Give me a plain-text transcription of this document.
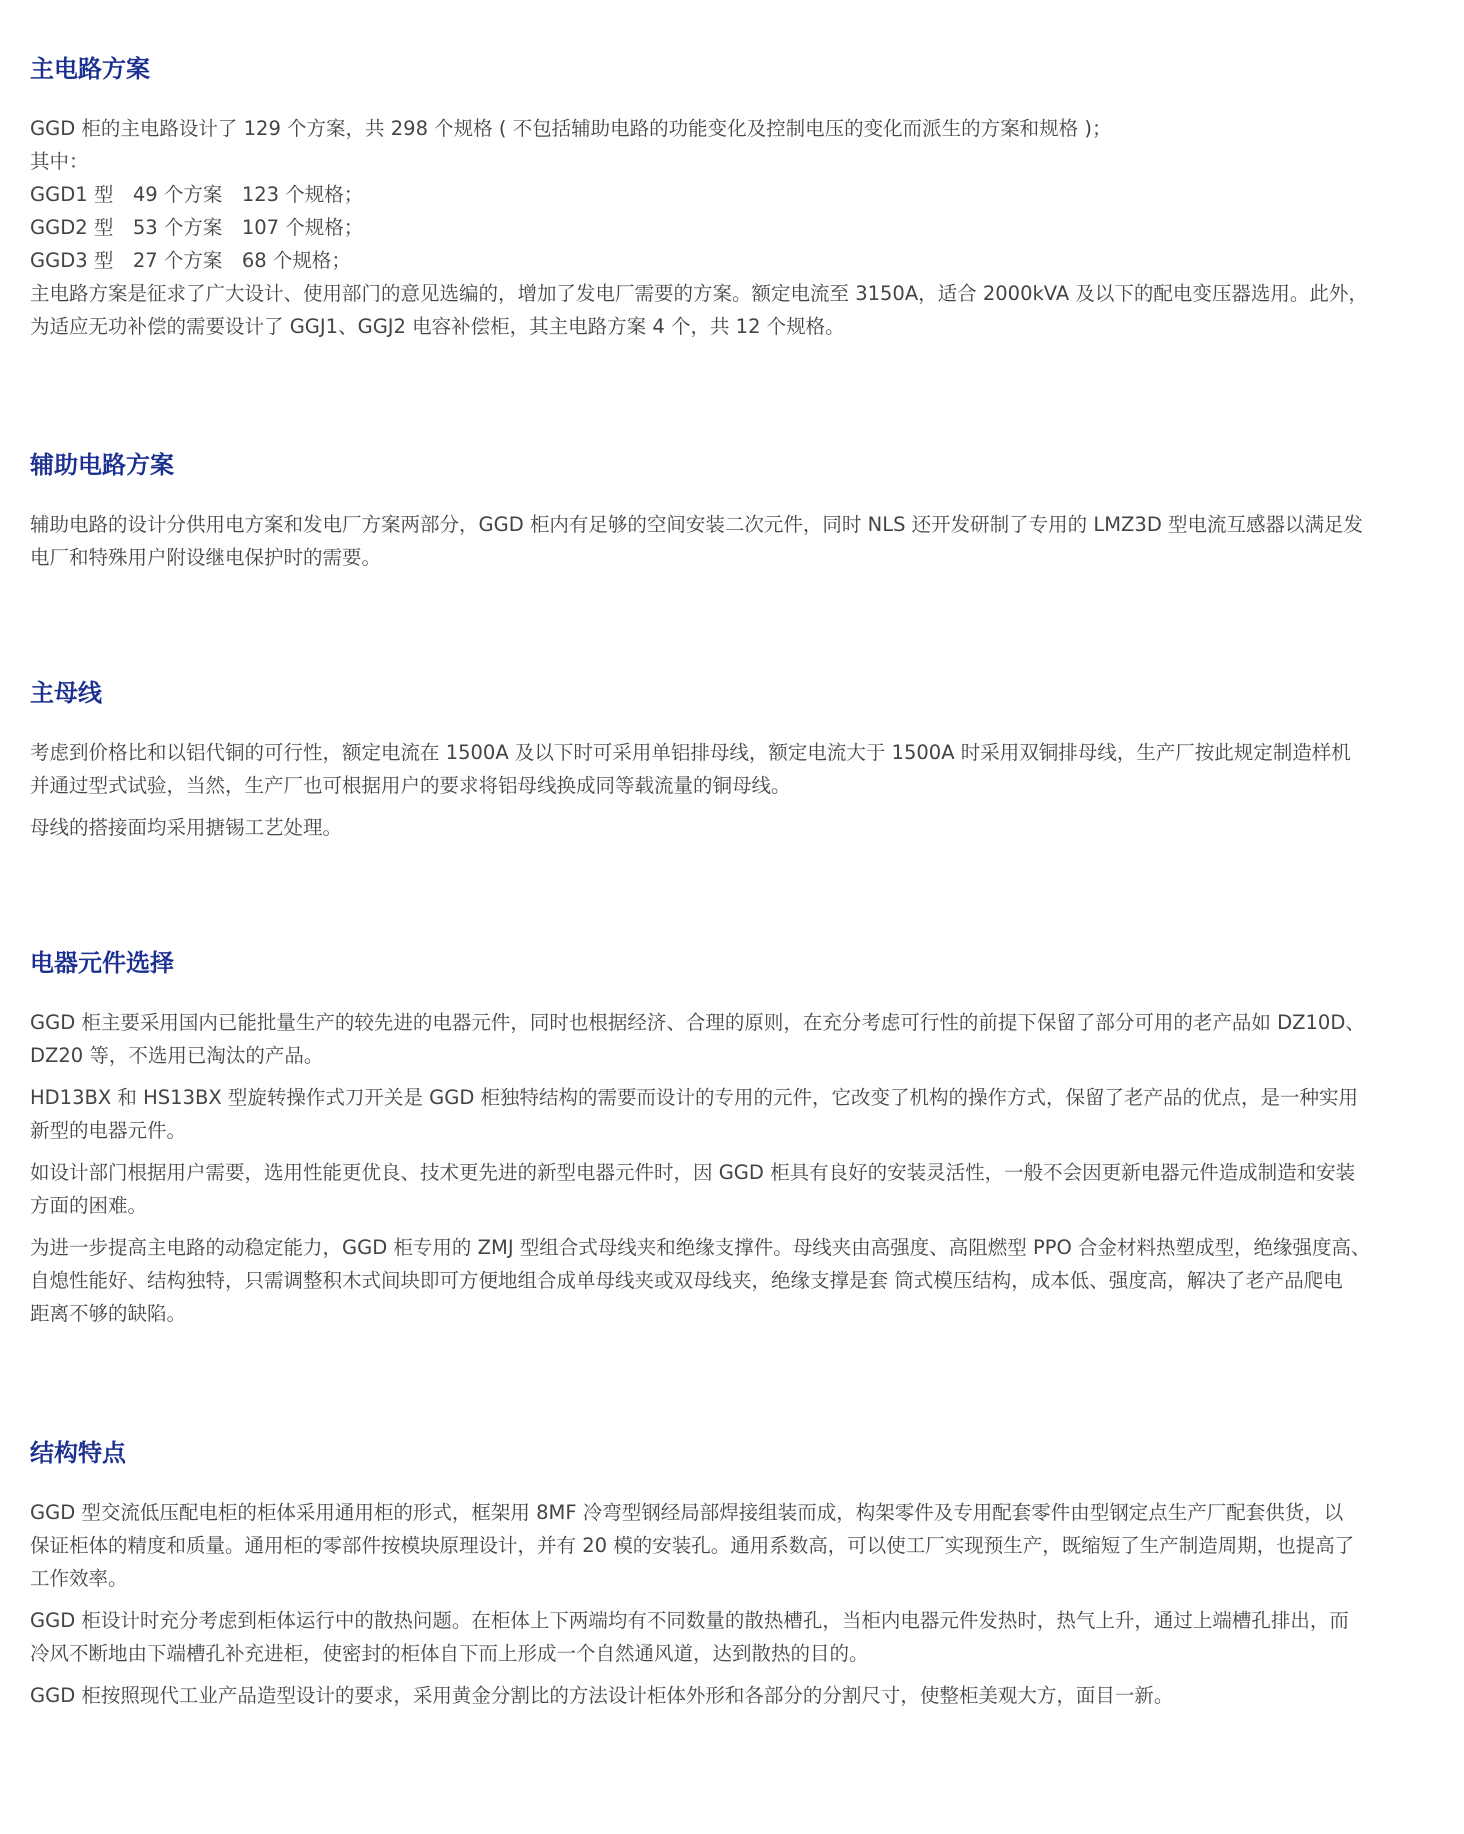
主电路方案
GGD 柜的主电路设计了 129 个方案，共 298 个规格 ( 不包括辅助电路的功能变化及控制电压的变化而派生的方案和规格 )；
其中：
GGD1 型　49 个方案　123 个规格；
GGD2 型　53 个方案　107 个规格；
GGD3 型　27 个方案　68 个规格；
主电路方案是征求了广大设计、使用部门的意见选编的，增加了发电厂需要的方案。额定电流至 3150A，适合 2000kVA 及以下的配电变压器选用。此外，
为适应无功补偿的需要设计了 GGJ1、GGJ2 电容补偿柜，其主电路方案 4 个，共 12 个规格。
辅助电路方案

辅助电路的设计分供用电方案和发电厂方案两部分，GGD 柜内有足够的空间安装二次元件，同时 NLS 还开发研制了专用的 LMZ3D 型电流互感器以满足发
电厂和特殊用户附设继电保护时的需要。

主母线

考虑到价格比和以铝代铜的可行性，额定电流在 1500A 及以下时可采用单铝排母线，额定电流大于 1500A 时采用双铜排母线，生产厂按此规定制造样机
并通过型式试验，当然，生产厂也可根据用户的要求将铝母线换成同等载流量的铜母线。

母线的搭接面均采用搪锡工艺处理。

电器元件选择

GGD 柜主要采用国内已能批量生产的较先进的电器元件，同时也根据经济、合理的原则，在充分考虑可行性的前提下保留了部分可用的老产品如 DZ10D、
DZ20 等，不选用已淘汰的产品。

HD13BX 和 HS13BX 型旋转操作式刀开关是 GGD 柜独特结构的需要而设计的专用的元件，它改变了机构的操作方式，保留了老产品的优点，是一种实用
新型的电器元件。

如设计部门根据用户需要，选用性能更优良、技术更先进的新型电器元件时，因 GGD 柜具有良好的安装灵活性，一般不会因更新电器元件造成制造和安装
方面的困难。

为进一步提高主电路的动稳定能力，GGD 柜专用的 ZMJ 型组合式母线夹和绝缘支撑件。母线夹由高强度、高阻燃型 PPO 合金材料热塑成型，绝缘强度高、
自熄性能好、结构独特，只需调整积木式间块即可方便地组合成单母线夹或双母线夹，绝缘支撑是套 筒式模压结构，成本低、强度高，解决了老产品爬电
距离不够的缺陷。

结构特点

GGD 型交流低压配电柜的柜体采用通用柜的形式，框架用 8MF 冷弯型钢经局部焊接组装而成，构架零件及专用配套零件由型钢定点生产厂配套供货，以
保证柜体的精度和质量。通用柜的零部件按模块原理设计，并有 20 模的安装孔。通用系数高，可以使工厂实现预生产，既缩短了生产制造周期，也提高了
工作效率。

GGD 柜设计时充分考虑到柜体运行中的散热问题。在柜体上下两端均有不同数量的散热槽孔，当柜内电器元件发热时，热气上升，通过上端槽孔排出，而
冷风不断地由下端槽孔补充进柜，使密封的柜体自下而上形成一个自然通风道，达到散热的目的。

GGD 柜按照现代工业产品造型设计的要求，采用黄金分割比的方法设计柜体外形和各部分的分割尺寸，使整柜美观大方，面目一新。
